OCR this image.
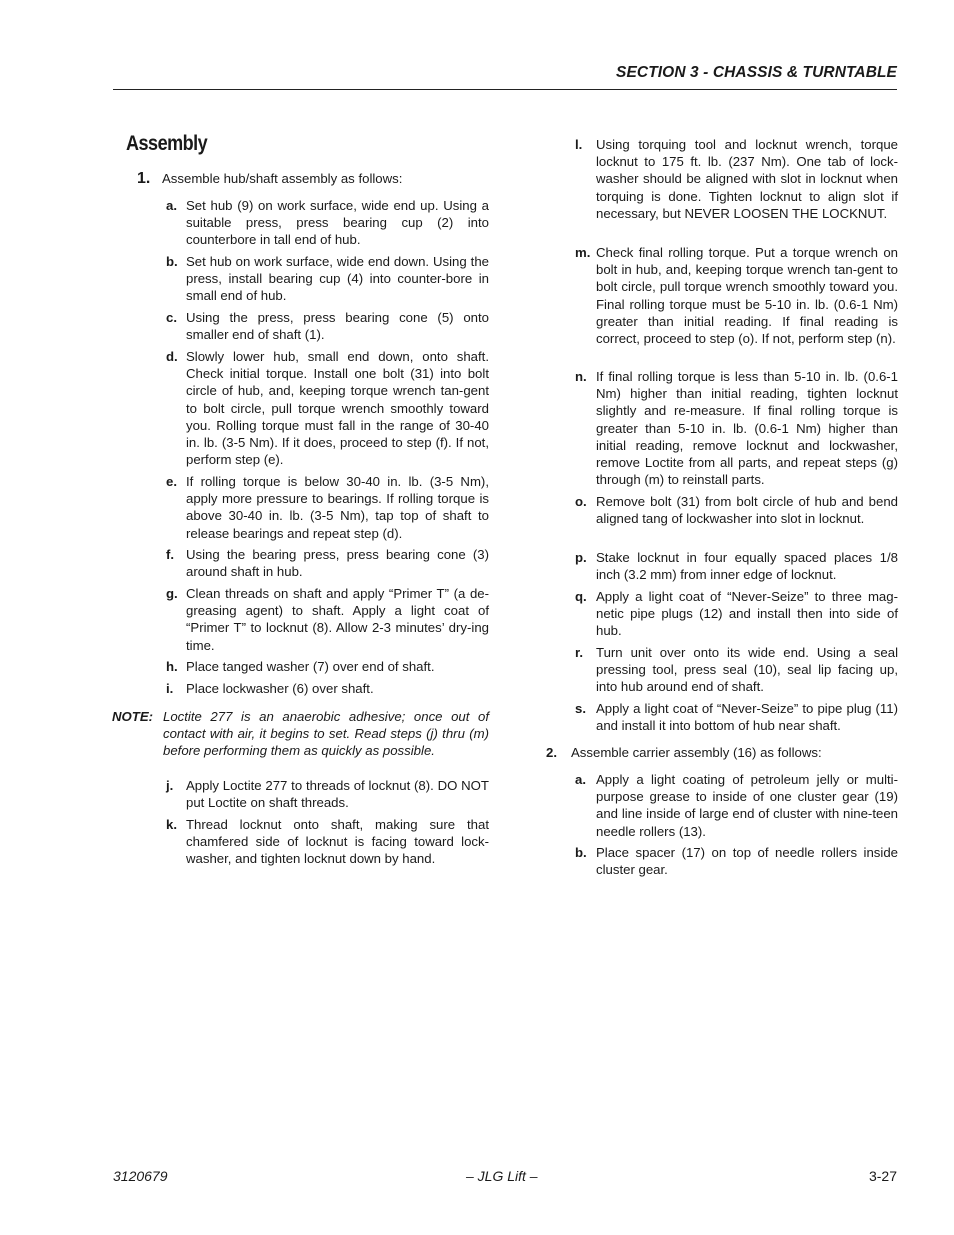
SECTION 3 - CHASSIS & TURNTABLE
Assembly
1. Assemble hub/shaft assembly as follows:
a. Set hub (9) on work surface, wide end up. Using a suitable press, press bearing cup (2) into counterbore in tall end of hub.
b. Set hub on work surface, wide end down. Using the press, install bearing cup (4) into counter-bore in small end of hub.
c. Using the press, press bearing cone (5) onto smaller end of shaft (1).
d. Slowly lower hub, small end down, onto shaft. Check initial torque. Install one bolt (31) into bolt circle of hub, and, keeping torque wrench tan-gent to bolt circle, pull torque wrench smoothly toward you. Rolling torque must fall in the range of 30-40 in. lb. (3-5 Nm). If it does, proceed to step (f). If not, perform step (e).
e. If rolling torque is below 30-40 in. lb. (3-5 Nm), apply more pressure to bearings. If rolling torque is above 30-40 in. lb. (3-5 Nm), tap top of shaft to release bearings and repeat step (d).
f. Using the bearing press, press bearing cone (3) around shaft in hub.
g. Clean threads on shaft and apply “Primer T” (a de-greasing agent) to shaft. Apply a light coat of “Primer T” to locknut (8). Allow 2-3 minutes’ dry-ing time.
h. Place tanged washer (7) over end of shaft.
i. Place lockwasher (6) over shaft.
NOTE: Loctite 277 is an anaerobic adhesive; once out of contact with air, it begins to set. Read steps (j) thru (m) before performing them as quickly as possible.
j. Apply Loctite 277 to threads of locknut (8). DO NOT put Loctite on shaft threads.
k. Thread locknut onto shaft, making sure that chamfered side of locknut is facing toward lock-washer, and tighten locknut down by hand.
l. Using torquing tool and locknut wrench, torque locknut to 175 ft. lb. (237 Nm). One tab of lock-washer should be aligned with slot in locknut when torquing is done. Tighten locknut to align slot if necessary, but NEVER LOOSEN THE LOCKNUT.
m. Check final rolling torque. Put a torque wrench on bolt in hub, and, keeping torque wrench tan-gent to bolt circle, pull torque wrench smoothly toward you. Final rolling torque must be 5-10 in. lb. (0.6-1 Nm) greater than initial reading. If final reading is correct, proceed to step (o). If not, perform step (n).
n. If final rolling torque is less than 5-10 in. lb. (0.6-1 Nm) higher than initial reading, tighten locknut slightly and re-measure. If final rolling torque is greater than 5-10 in. lb. (0.6-1 Nm) higher than initial reading, remove locknut and lockwasher, remove Loctite from all parts, and repeat steps (g) through (m) to reinstall parts.
o. Remove bolt (31) from bolt circle of hub and bend aligned tang of lockwasher into slot in locknut.
p. Stake locknut in four equally spaced places 1/8 inch (3.2 mm) from inner edge of locknut.
q. Apply a light coat of “Never-Seize” to three mag-netic pipe plugs (12) and install then into side of hub.
r. Turn unit over onto its wide end. Using a seal pressing tool, press seal (10), seal lip facing up, into hub around end of shaft.
s. Apply a light coat of “Never-Seize” to pipe plug (11) and install it into bottom of hub near shaft.
2. Assemble carrier assembly (16) as follows:
a. Apply a light coating of petroleum jelly or multi-purpose grease to inside of one cluster gear (19) and line inside of large end of cluster with nine-teen needle rollers (13).
b. Place spacer (17) on top of needle rollers inside cluster gear.
3120679	– JLG Lift –	3-27
